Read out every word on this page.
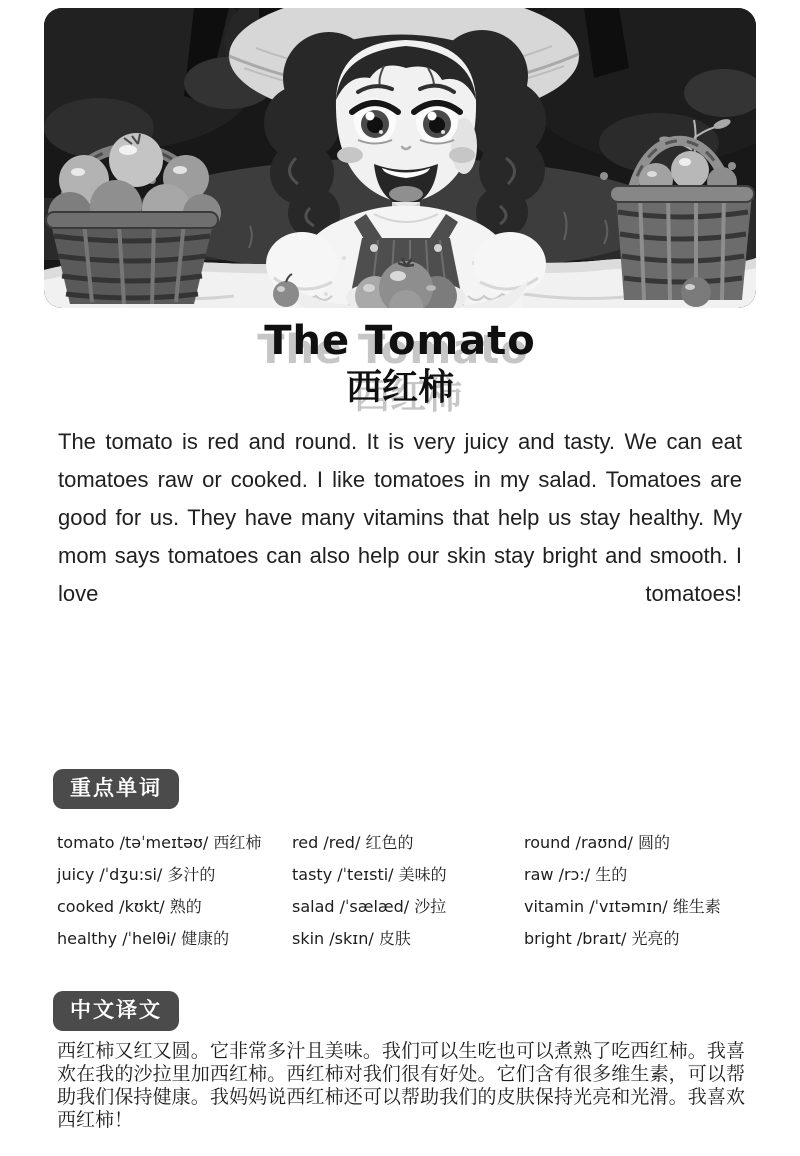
The Tomato
西红柿

The tomato is red and round. It is very juicy and tasty. We can eat tomatoes raw or cooked. I like tomatoes in my salad. Tomatoes are good for us. They have many vitamins that help us stay healthy. My mom says tomatoes can also help our skin stay bright and smooth. I love tomatoes!

重点单词
tomato /təˈmeɪtəʊ/ 西红柿	red /red/ 红色的	round /raʊnd/ 圆的
juicy /ˈdʒu:si/ 多汁的	tasty /ˈteɪsti/ 美味的	raw /rɔ:/ 生的
cooked /kʊkt/ 熟的	salad /ˈsælæd/ 沙拉	vitamin /ˈvɪtəmɪn/ 维生素
healthy /ˈhelθi/ 健康的	skin /skɪn/ 皮肤	bright /braɪt/ 光亮的
中文译文

西红柿又红又圆。它非常多汁且美味。我们可以生吃也可以煮熟了吃西红柿。我喜欢在我的沙拉里加西红柿。西红柿对我们很有好处。它们含有很多维生素，可以帮助我们保持健康。我妈妈说西红柿还可以帮助我们的皮肤保持光亮和光滑。我喜欢西红柿！
